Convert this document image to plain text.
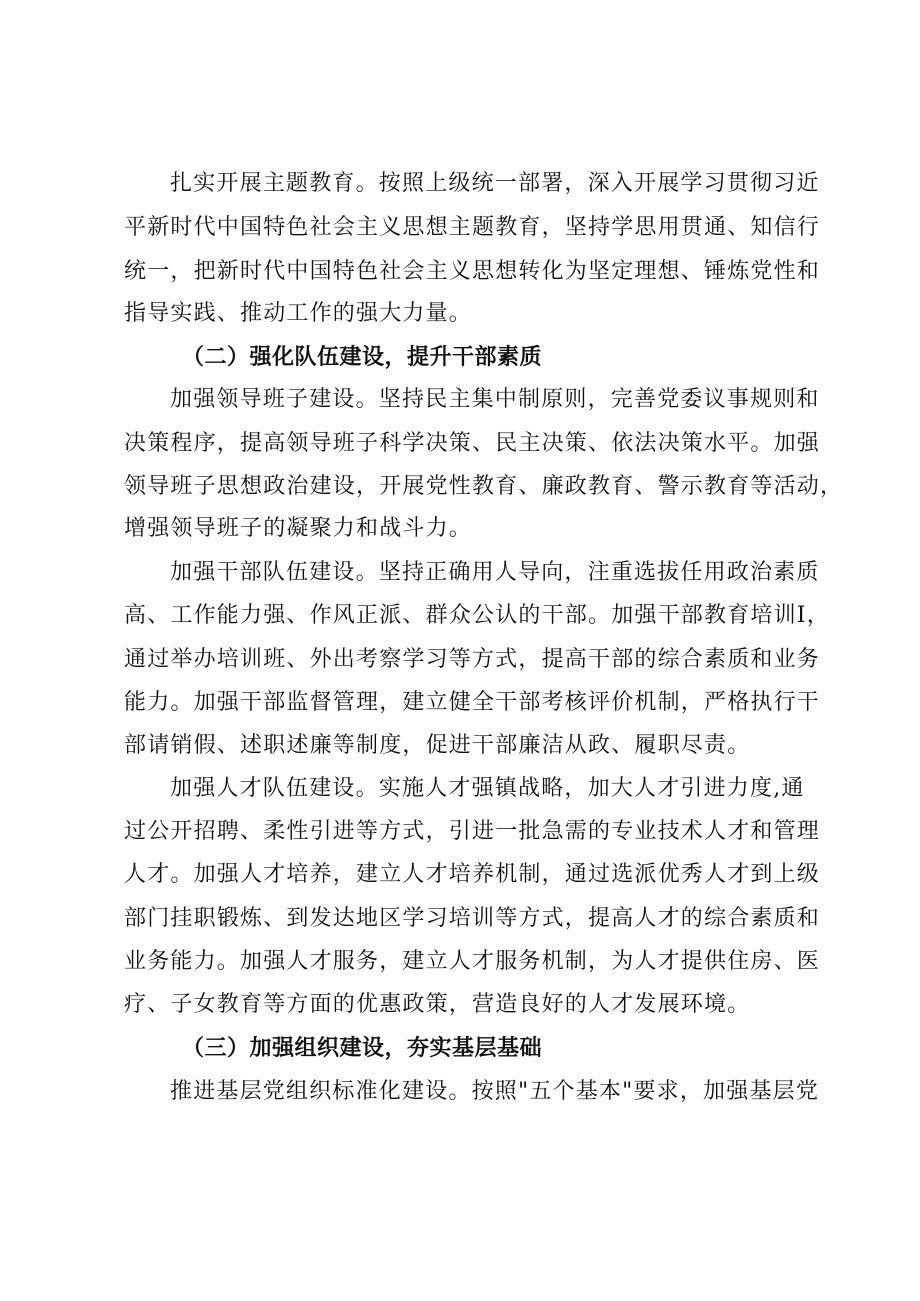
扎实开展主题教育。按照上级统一部署，深入开展学习贯彻习近
平新时代中国特色社会主义思想主题教育，坚持学思用贯通、知信行
统一，把新时代中国特色社会主义思想转化为坚定理想、锤炼党性和
指导实践、推动工作的强大力量。
（二）强化队伍建设，提升干部素质
加强领导班子建设。坚持民主集中制原则，完善党委议事规则和
决策程序，提高领导班子科学决策、民主决策、依法决策水平。加强
领导班子思想政治建设，开展党性教育、廉政教育、警示教育等活动，
增强领导班子的凝聚力和战斗力。
加强干部队伍建设。坚持正确用人导向，注重选拔任用政治素质
高、工作能力强、作风正派、群众公认的干部。加强干部教育培训I，
通过举办培训班、外出考察学习等方式，提高干部的综合素质和业务
能力。加强干部监督管理，建立健全干部考核评价机制，严格执行干
部请销假、述职述廉等制度，促进干部廉洁从政、履职尽责。
加强人才队伍建设。实施人才强镇战略，加大人才引进力度,通
过公开招聘、柔性引进等方式，引进一批急需的专业技术人才和管理
人才。加强人才培养，建立人才培养机制，通过选派优秀人才到上级
部门挂职锻炼、到发达地区学习培训等方式，提高人才的综合素质和
业务能力。加强人才服务，建立人才服务机制，为人才提供住房、医
疗、子女教育等方面的优惠政策，营造良好的人才发展环境。
（三）加强组织建设，夯实基层基础
推进基层党组织标准化建设。按照"五个基本"要求，加强基层党
